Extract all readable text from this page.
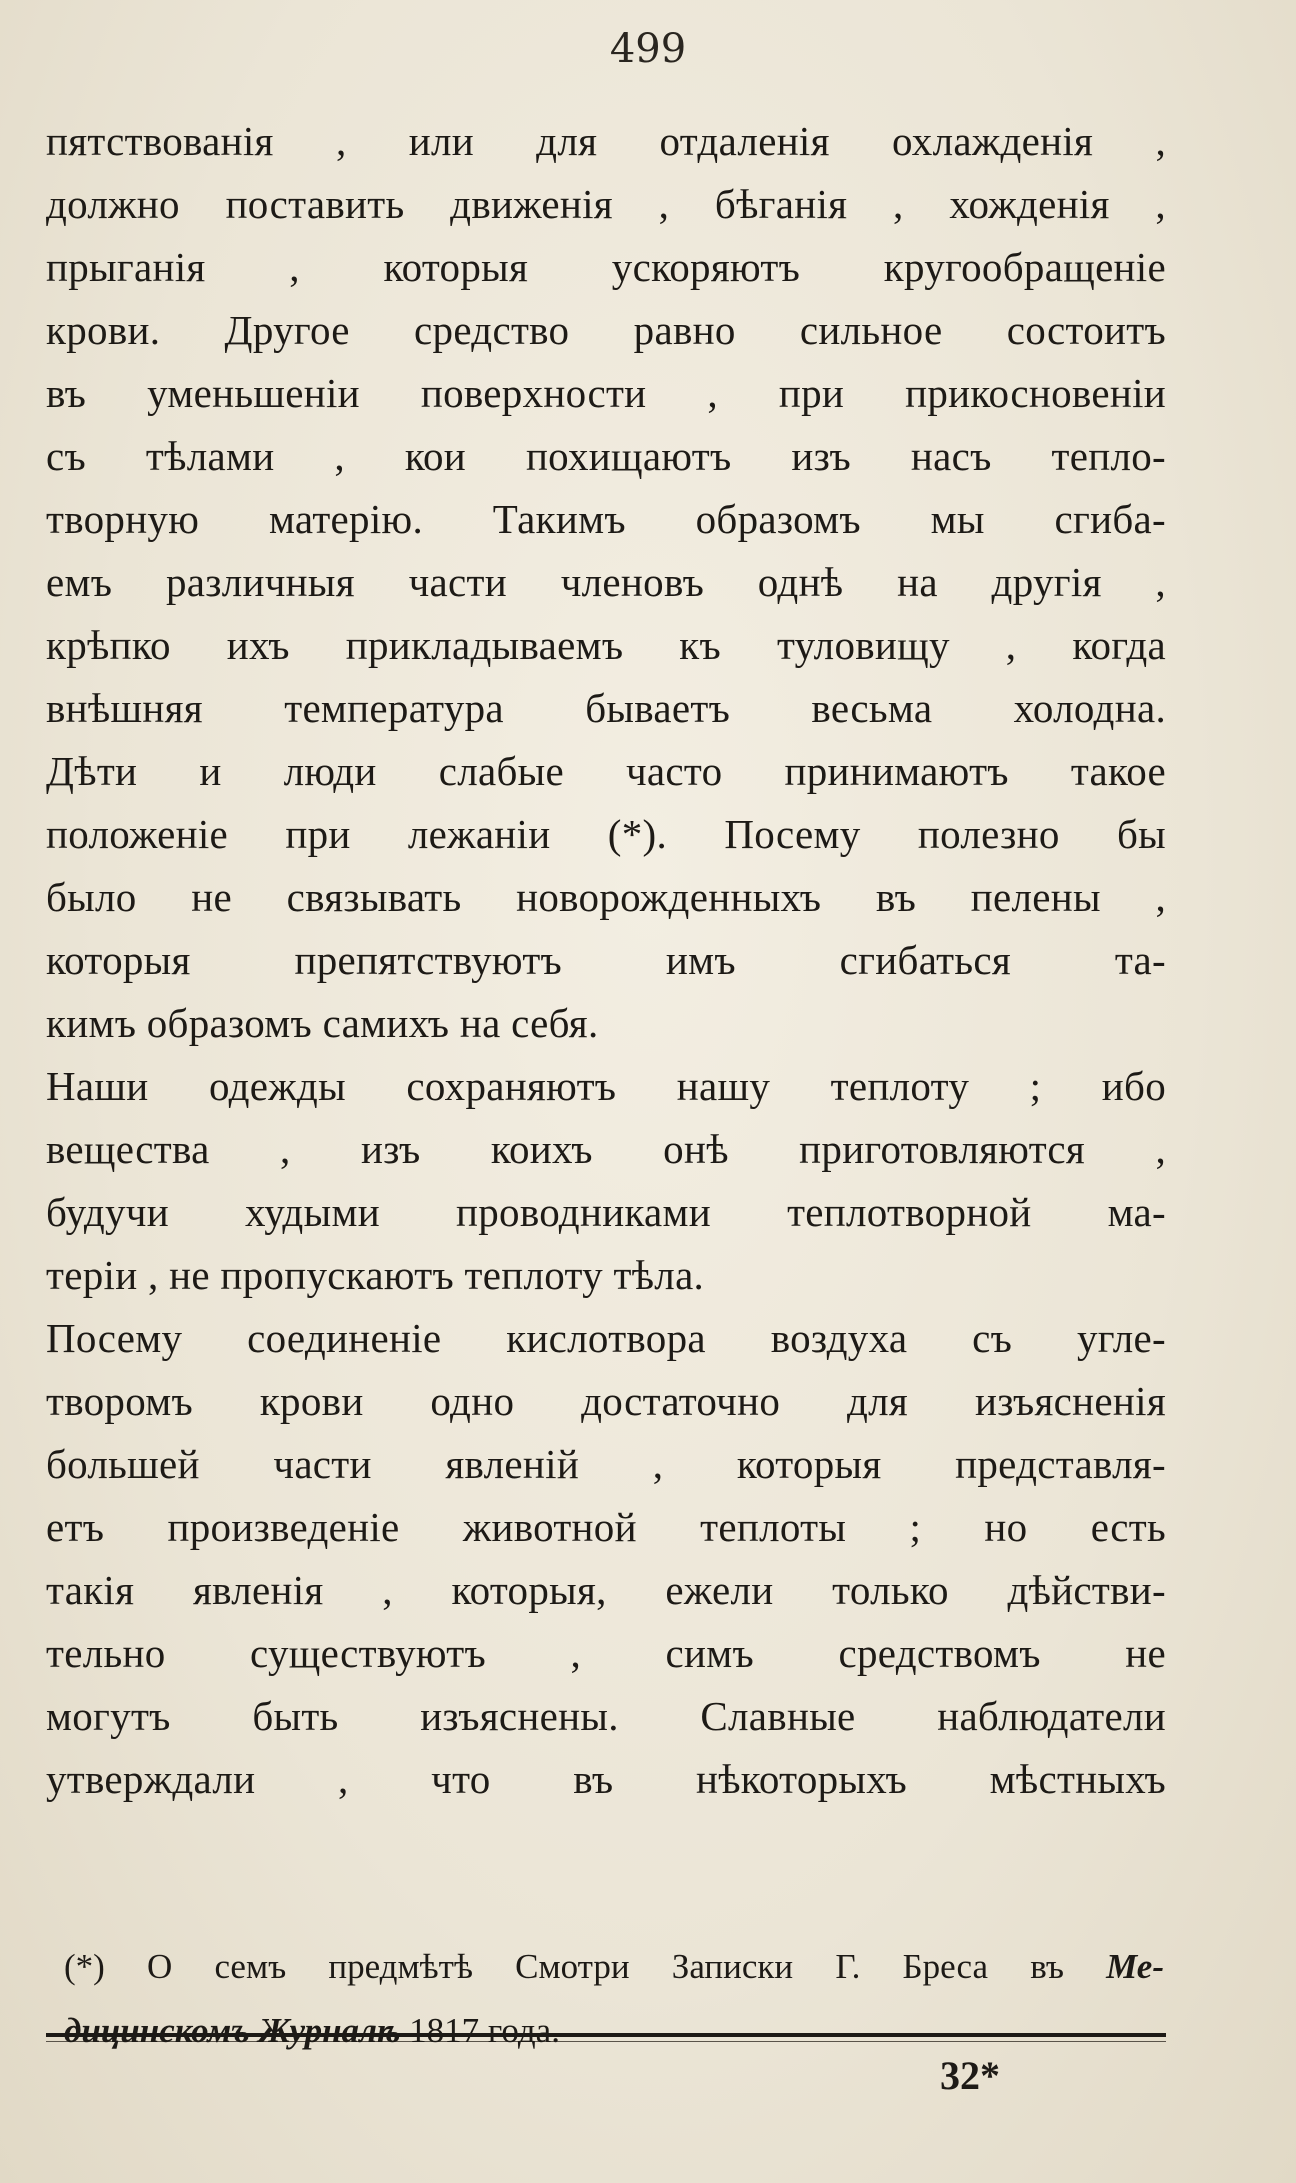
499
пятствованія , или для отдаленія охлажденія ,
должно поставить движенія , бѣганія , хожденія ,
прыганія , которыя ускоряютъ кругообращеніе
крови. Другое средство равно сильное состоитъ
въ уменьшеніи поверхности , при прикосновеніи
съ тѣлами , кои похищаютъ изъ насъ тепло-
творную матерію. Такимъ образомъ мы сгиба-
емъ различныя части членовъ однѣ на другія ,
крѣпко ихъ прикладываемъ къ туловищу , когда
внѣшняя температура бываетъ весьма холодна.
Дѣти и люди слабые часто принимаютъ такое
положеніе при лежаніи (*). Посему полезно бы
было не связывать новорожденныхъ въ пелены ,
которыя препятствуютъ имъ сгибаться та-
кимъ образомъ самихъ на себя.
Наши одежды сохраняютъ нашу теплоту ; ибо
вещества , изъ коихъ онѣ приготовляются ,
будучи худыми проводниками теплотворной ма-
теріи , не пропускаютъ теплоту тѣла.
Посему соединеніе кислотвора воздуха съ угле-
творомъ крови одно достаточно для изъясненія
большей части явленій , которыя представля-
етъ произведеніе животной теплоты ; но есть
такія явленія , которыя, ежели только дѣйстви-
тельно существуютъ , симъ средствомъ не
могутъ быть изъяснены. Славные наблюдатели
утверждали , что въ нѣкоторыхъ мѣстныхъ
(*) О семъ предмѣтѣ Смотри Записки Г. Бреса въ Ме-
дицинскомъ Журналѣ 1817 года.
32*
